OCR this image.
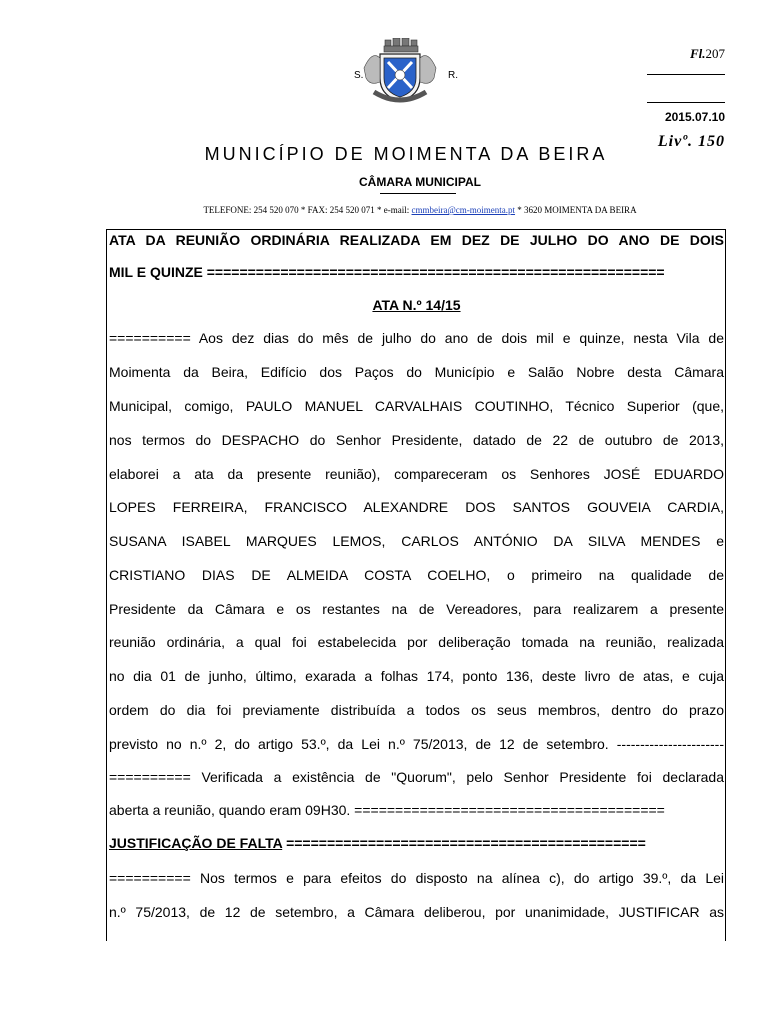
Fl.207
2015.07.10
Livº. 150
S.	R.
MUNICÍPIO DE MOIMENTA DA BEIRA
CÂMARA MUNICIPAL
TELEFONE: 254 520 070 * FAX: 254 520 071 * e-mail: cmmbeira@cm-moimenta.pt * 3620 MOIMENTA DA BEIRA
ATA DA REUNIÃO ORDINÁRIA REALIZADA EM DEZ DE JULHO DO ANO DE DOIS
MIL E QUINZE ========================================================
ATA N.º 14/15
========== Aos dez dias do mês de julho do ano de dois mil e quinze, nesta Vila de
Moimenta da Beira, Edifício dos Paços do Município e Salão Nobre desta Câmara
Municipal, comigo, PAULO MANUEL CARVALHAIS COUTINHO, Técnico Superior (que,
nos termos do DESPACHO do Senhor Presidente, datado de 22 de outubro de 2013,
elaborei a ata da presente reunião), compareceram os Senhores JOSÉ EDUARDO
LOPES FERREIRA, FRANCISCO ALEXANDRE DOS SANTOS GOUVEIA CARDIA,
SUSANA ISABEL MARQUES LEMOS, CARLOS ANTÓNIO DA SILVA MENDES e
CRISTIANO DIAS DE ALMEIDA COSTA COELHO, o primeiro na qualidade de
Presidente da Câmara e os restantes na de Vereadores, para realizarem a presente
reunião ordinária, a qual foi estabelecida por deliberação tomada na reunião, realizada
no dia 01 de junho, último, exarada a folhas 174, ponto 136, deste livro de atas, e cuja
ordem do dia foi previamente distribuída a todos os seus membros, dentro do prazo
previsto no n.º 2, do artigo 53.º, da Lei n.º 75/2013, de 12 de setembro. -----------------------
========== Verificada a existência de "Quorum", pelo Senhor Presidente foi declarada
aberta a reunião, quando eram 09H30. ======================================
JUSTIFICAÇÃO DE FALTA ============================================
========== Nos termos e para efeitos do disposto na alínea c), do artigo 39.º, da Lei
n.º 75/2013, de 12 de setembro, a Câmara deliberou, por unanimidade, JUSTIFICAR as
